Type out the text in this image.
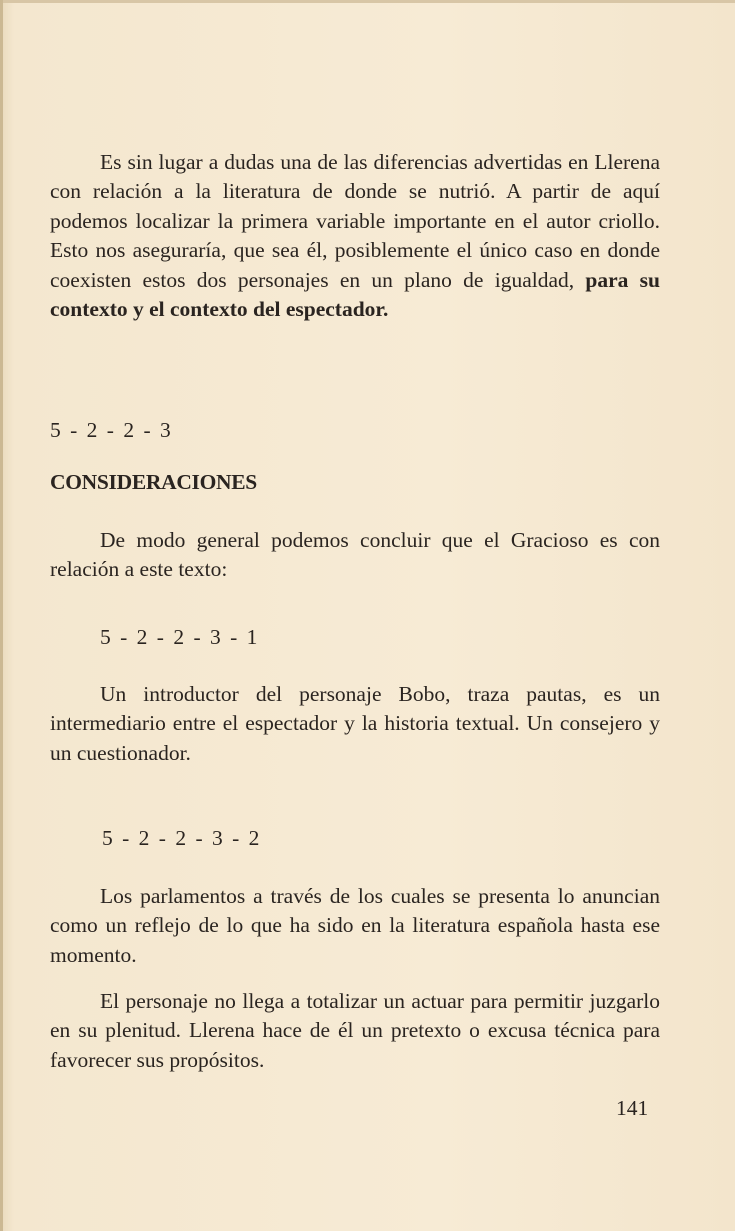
Es sin lugar a dudas una de las diferencias advertidas en Llerena con relación a la literatura de donde se nutrió. A partir de aquí podemos localizar la primera variable importante en el autor criollo. Esto nos aseguraría, que sea él, posiblemente el único caso en donde coexisten estos dos personajes en un plano de igualdad, para su contexto y el contexto del espectador.

5 - 2 - 2 - 3

CONSIDERACIONES

De modo general podemos concluir que el Gracioso es con relación a este texto:

5 - 2 - 2 - 3 - 1

Un introductor del personaje Bobo, traza pautas, es un intermediario entre el espectador y la historia textual. Un consejero y un cuestionador.

5 - 2 - 2 - 3 - 2

Los parlamentos a través de los cuales se presenta lo anuncian como un reflejo de lo que ha sido en la literatura española hasta ese momento.

El personaje no llega a totalizar un actuar para permitir juzgarlo en su plenitud. Llerena hace de él un pretexto o excusa técnica para favorecer sus propósitos.

141
